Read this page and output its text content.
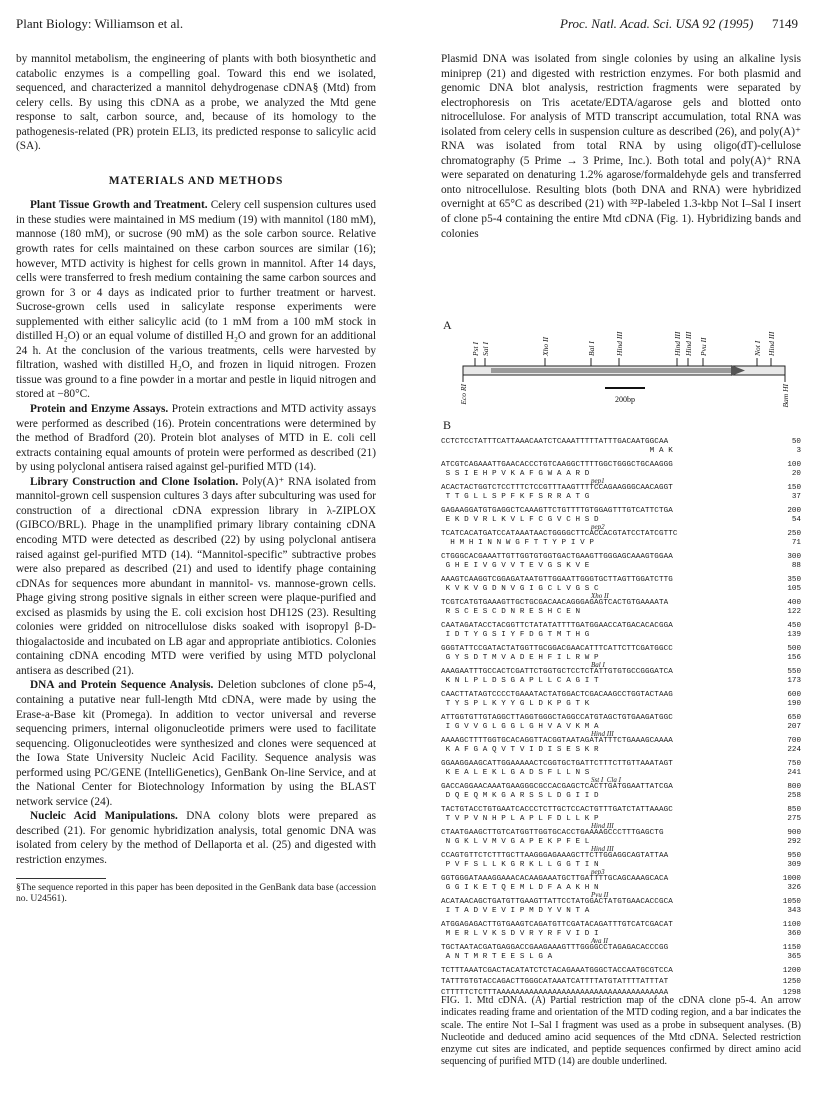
Plant Biology: Williamson et al.	Proc. Natl. Acad. Sci. USA 92 (1995) 7149

by mannitol metabolism, the engineering of plants with both biosynthetic and catabolic enzymes is a compelling goal. Toward this end we isolated, sequenced, and characterized a mannitol dehydrogenase cDNA§ (Mtd) from celery cells. By using this cDNA as a probe, we analyzed the Mtd gene response to salt, carbon source, and, because of its homology to the pathogenesis-related (PR) protein ELI3, its predicted response to salicylic acid (SA).

MATERIALS AND METHODS

Plant Tissue Growth and Treatment. Celery cell suspension cultures used in these studies were maintained in MS medium (19) with mannitol (180 mM), mannose (180 mM), or sucrose (90 mM) as the sole carbon source. Relative growth rates for cells maintained on these carbon sources are similar (16); however, MTD activity is highest for cells grown in mannitol. After 14 days, cells were transferred to fresh medium containing the same carbon sources and grown for 3 or 4 days as indicated prior to further treatment or harvest. Sucrose-grown cells used in salicylate response experiments were supplemented with either salicylic acid (to 1 mM from a 100 mM stock in distilled H₂O) or an equal volume of distilled H₂O and grown for an additional 24 h. At the conclusion of the various treatments, cells were harvested by filtration, washed with distilled H₂O, and frozen in liquid nitrogen. Frozen tissue was ground to a fine powder in a mortar and pestle in liquid nitrogen and stored at −80°C.

Protein and Enzyme Assays. Protein extractions and MTD activity assays were performed as described (16). Protein concentrations were determined by the method of Bradford (20). Protein blot analyses of MTD in E. coli cell extracts containing equal amounts of protein were performed as described (21) by using polyclonal antisera raised against gel-purified MTD (14).

Library Construction and Clone Isolation. Poly(A)⁺ RNA isolated from mannitol-grown cell suspension cultures 3 days after subculturing was used for construction of a directional cDNA expression library in λ-ZIPLOX (GIBCO/BRL). Phage in the unamplified primary library containing cDNA encoding MTD were detected as described (22) by using polyclonal antisera raised against gel-purified MTD (14). “Mannitol-specific” subtractive probes were also prepared as described (21) and used to identify phage containing cDNAs for sequences more abundant in mannitol- vs. mannose-grown cells. Phage giving strong positive signals in either screen were plaque-purified and excised as plasmids by using the E. coli excision host DH12S (23). Resulting colonies were gridded on nitrocellulose disks soaked with isopropyl β-D-thiogalactoside and incubated on LB agar and appropriate antibiotics. Colonies containing cDNA encoding MTD were verified by using MTD polyclonal antisera as described (21).

DNA and Protein Sequence Analysis. Deletion subclones of clone p5-4, containing a putative near full-length Mtd cDNA, were made by using the Erase-a-Base kit (Promega). In addition to vector universal and reverse sequencing primers, internal oligonucleotide primers were used to facilitate sequencing. Oligonucleotides were synthesized and clones were sequenced at the Iowa State University Nucleic Acid Facility. Sequence analysis was performed using PC/GENE (IntelliGenetics), GenBank On-line Service, and at the National Center for Biotechnology Information by using the BLAST network service (24).

Nucleic Acid Manipulations. DNA colony blots were prepared as described (21). For genomic hybridization analysis, total genomic DNA was isolated from celery by the method of Dellaporta et al. (25) and digested with restriction enzymes.

§The sequence reported in this paper has been deposited in the GenBank data base (accession no. U24561).

Plasmid DNA was isolated from single colonies by using an alkaline lysis miniprep (21) and digested with restriction enzymes. For both plasmid and genomic DNA blot analysis, restriction fragments were separated by electrophoresis on Tris acetate/EDTA/agarose gels and blotted onto nitrocellulose. For analysis of MTD transcript accumulation, total RNA was isolated from celery cells in suspension culture as described (26), and poly(A)⁺ RNA was isolated from total RNA by using oligo(dT)-cellulose chromatography (5 Prime → 3 Prime, Inc.). Both total and poly(A)⁺ RNA were separated on denaturing 1.2% agarose/formaldehyde gels and transferred onto nitrocellulose. Resulting blots (both DNA and RNA) were hybridized overnight at 65°C as described (21) with ³²P-labeled 1.3-kbp Not I–Sal I insert of clone p5-4 containing the entire Mtd cDNA (Fig. 1). Hybridizing bands and colonies

A
Pst I Sal I	Xho II	Bal I	Hind III	Hind III Hind III Pvu II	Not I Hind III
Eco RI	Bam HI
200bp
B
CCTCTCCTATTTCATTAAACAATCTCAAATTTTTATTTGACAATGGCAA	50
M A K	3
ATCGTCAGAAATTGAACACCCTGTCAAGGCTTTTGGCTGGGCTGCAAGGG	100
S S I E H P V K A F G W A A R D	20
pep1
ACACTACTGGTCTCCTTTCTCCGTTTAAGTTTTCCAGAAGGGCAACAGGT	150
T T G L L S P F K F S R R A T G	37
GAGAAGGATGTGAGGCTCAAAGTTCTGTTTTGTGGAGTTTGTCATTCTGA	200
E K D V R L K V L F C G V C H S D	54
pep2
TCATCACATGATCCATAAATAACTGGGGCTTCACCACGTATCCTATCGTTC	250
H M H I N N W G F T T Y P I V P	71
CTGGGCACGAAATTGTTGGTGTGGTGACTGAAGTTGGGAGCAAAGTGGAA	300
G H E I V G V V T E V G S K V E	88
AAAGTCAAGGTCGGAGATAATGTTGGAATTGGGTGCTTAGTTGGATCTTG	350
K V K V G D N V G I G C L V G S C	105
Xho II
TCGTCATGTGAAAGTTGCTGCGACAACAGGGAGAGTCACTGTGAAAATA	400
R S C E S C D N R E S H C E N	122
CAATAGATACCTACGGTTCTATATATTTTGATGGAACCATGACACACGGA	450
I D T Y G S I Y F D G T M T H G	139
GGGTATTCCGATACTATGGTTGCGGACGAACATTTCATTCTTCGATGGCC	500
G Y S D T M V A D E H F I L R W P	156
Bal I
AAAGAATTTGCCACTCGATTCTGGTGCTCCTCTATTGTGTGCCGGGATCA	550
K N L P L D S G A P L L C A G I T	173
CAACTTATAGTCCCCTGAAATACTATGGACTCGACAAGCCTGGTACTAAG	600
T Y S P L K Y Y G L D K P G T K	190
ATTGGTGTTGTAGGCTTAGGTGGGCTAGGCCATGTAGCTGTGAAGATGGC	650
I G V V G L G G L G H V A V K M A	207
Hind III
AAAAGCTTTTGGTGCACAGGTTACGGTAATAGATATTTCTGAAAGCAAAA	700
K A F G A Q V T V I D I S E S K R	224
GGAAGGAAGCATTGGAAAAACTCGGTGCTGATTCTTTCTTGTTAAATAGT	750
K E A L E K L G A D S F L L N S	241
Sst I  Cla I
GACCAGGAACAAATGAAGGGCGCCACGAGCTCACTTGATGGAATTATCGA	800
D Q E Q M K G A R S S L D G I I D	258
TACTGTACCTGTGAATCACCCTCTTGCTCCACTGTTTGATCTATTAAAGC	850
T V P V N H P L A P L F D L L K P	275
Hind III
CTAATGAAGCTTGTCATGGTTGGTGCACCTGAAAAGCCCTTTGAGCTG	900
N G K L V M V G A P E K P F E L	292
Hind III
CCAGTGTTCTCTTTGCTTAAGGGAGAAAGCTTCTTGGAGGCAGTATTAA	950
P V F S L L K G R K L L G G T I N	309
pep3
GGTGGGATAAAGGAAACACAAGAAATGCTTGATTTTGCAGCAAAGCACA	1000
G G I K E T Q E M L D F A A K H N	326
Pvu II
ACATAACAGCTGATGTTGAAGTTATTCCTATGGACTATGTGAACACCGCA	1050
I T A D V E V I P M D Y V N T A	343
ATGGAGAGACTTGTGAAGTCAGATGTTCGATACAGATTTGTCATCGACAT	1100
M E R L V K S D V R Y R F V I D I	360
Ava II
TGCTAATACGATGAGGACCGAAGAAAGTTTGGGGCCTAGAGACACCCGG	1150
A N T M R T E E S L G A	365
TCTTTAAATCGACTACATATCTCTACAGAAATGGGCTACCAATGCGTCCA	1200
TATTTGTGTACCAGACTTGGGCATAAATCATTTTATGTATTTTATTTAT	1250
CTTTTTCTCTTTAAAAAAAAAAAAAAAAAAAAAAAAAAAAAAAAAAAAA	1298
FIG. 1. Mtd cDNA. (A) Partial restriction map of the cDNA clone p5-4. An arrow indicates reading frame and orientation of the MTD coding region, and a bar indicates the scale. The entire Not I–Sal I fragment was used as a probe in subsequent analyses. (B) Nucleotide and deduced amino acid sequences of the Mtd cDNA. Selected restriction enzyme cut sites are indicated, and peptide sequences confirmed by direct amino acid sequencing of purified MTD (14) are double underlined.
